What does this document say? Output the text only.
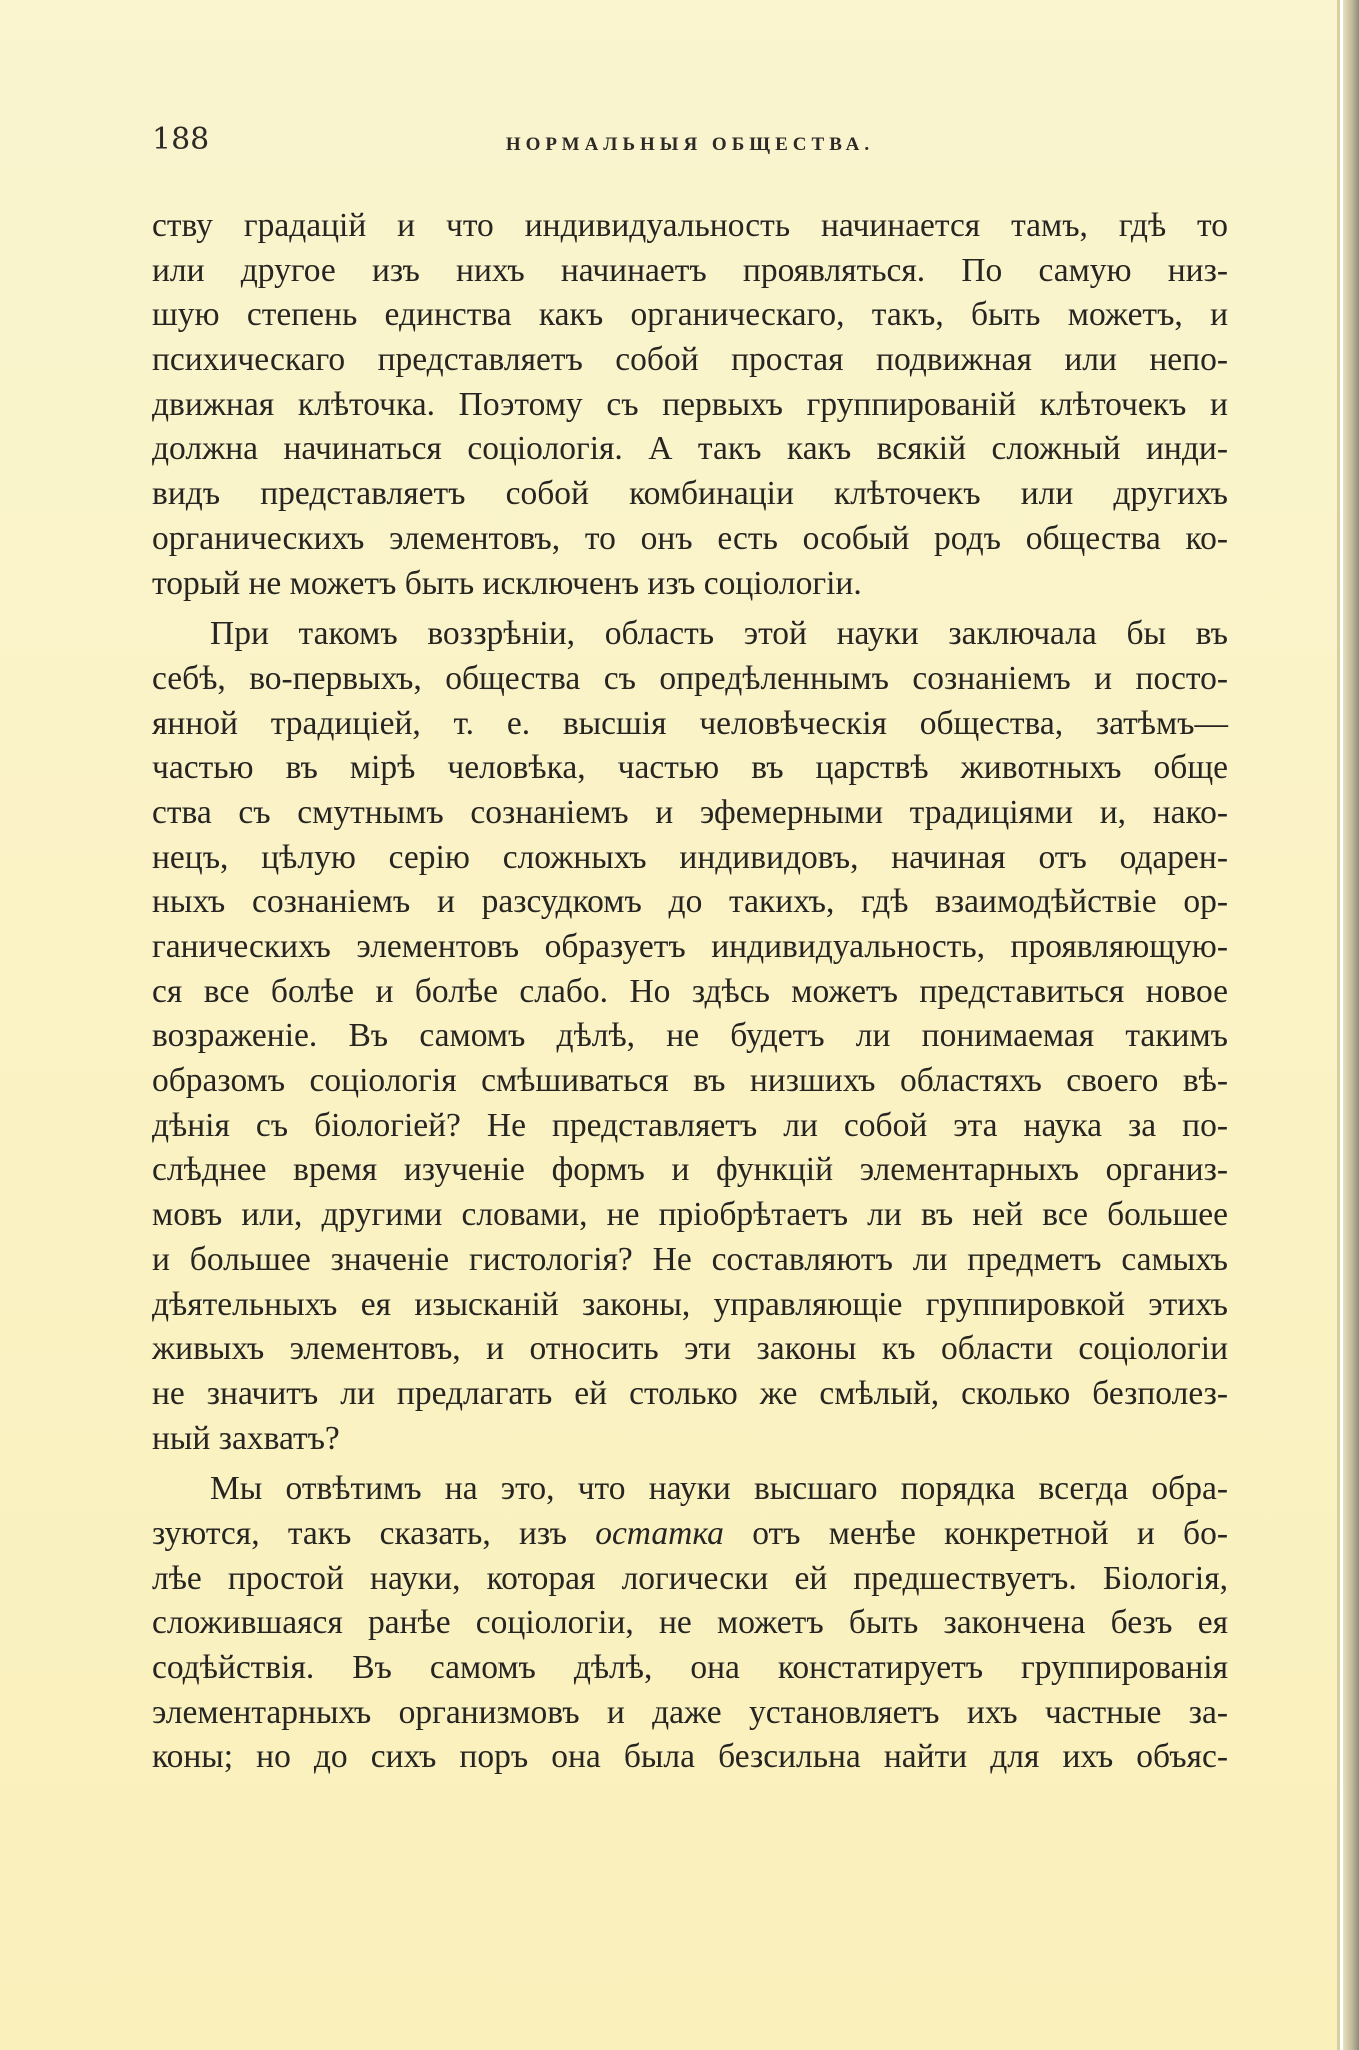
188	НОРМАЛЬНЫЯ ОБЩЕСТВА.
ству градацій и что индивидуальность начинается тамъ, гдѣ то
или другое изъ нихъ начинаетъ проявляться. По самую низ-
шую степень единства какъ органическаго, такъ, быть можетъ, и
психическаго представляетъ собой простая подвижная или непо-
движная клѣточка. Поэтому съ первыхъ группированій клѣточекъ и
должна начинаться соціологія. А такъ какъ всякій сложный инди-
видъ представляетъ собой комбинаціи клѣточекъ или другихъ
органическихъ элементовъ, то онъ есть особый родъ общества ко-
торый не можетъ быть исключенъ изъ соціологіи.
При такомъ воззрѣніи, область этой науки заключала бы въ
себѣ, во-первыхъ, общества съ опредѣленнымъ сознаніемъ и посто-
янной традиціей, т. е. высшія человѣческія общества, затѣмъ—
частью въ мірѣ человѣка, частью въ царствѣ животныхъ обще
ства съ смутнымъ сознаніемъ и эфемерными традиціями и, нако-
нецъ, цѣлую серію сложныхъ индивидовъ, начиная отъ одарен-
ныхъ сознаніемъ и разсудкомъ до такихъ, гдѣ взаимодѣйствіе ор-
ганическихъ элементовъ образуетъ индивидуальность, проявляющую-
ся все болѣе и болѣе слабо. Но здѣсь можетъ представиться новое
возраженіе. Въ самомъ дѣлѣ, не будетъ ли понимаемая такимъ
образомъ соціологія смѣшиваться въ низшихъ областяхъ своего вѣ-
дѣнія съ біологіей? Не представляетъ ли собой эта наука за по-
слѣднее время изученіе формъ и функцій элементарныхъ организ-
мовъ или, другими словами, не пріобрѣтаетъ ли въ ней все большее
и большее значеніе гистологія? Не составляютъ ли предметъ самыхъ
дѣятельныхъ ея изысканій законы, управляющіе группировкой этихъ
живыхъ элементовъ, и относить эти законы къ области соціологіи
не значитъ ли предлагать ей столько же смѣлый, сколько безполез-
ный захватъ?
Мы отвѣтимъ на это, что науки высшаго порядка всегда обра-
зуются, такъ сказать, изъ остатка отъ менѣе конкретной и бо-
лѣе простой науки, которая логически ей предшествуетъ. Біологія,
сложившаяся ранѣе соціологіи, не можетъ быть закончена безъ ея
содѣйствія. Въ самомъ дѣлѣ, она констатируетъ группированія
элементарныхъ организмовъ и даже установляетъ ихъ частные за-
коны; но до сихъ поръ она была безсильна найти для ихъ объяс-
